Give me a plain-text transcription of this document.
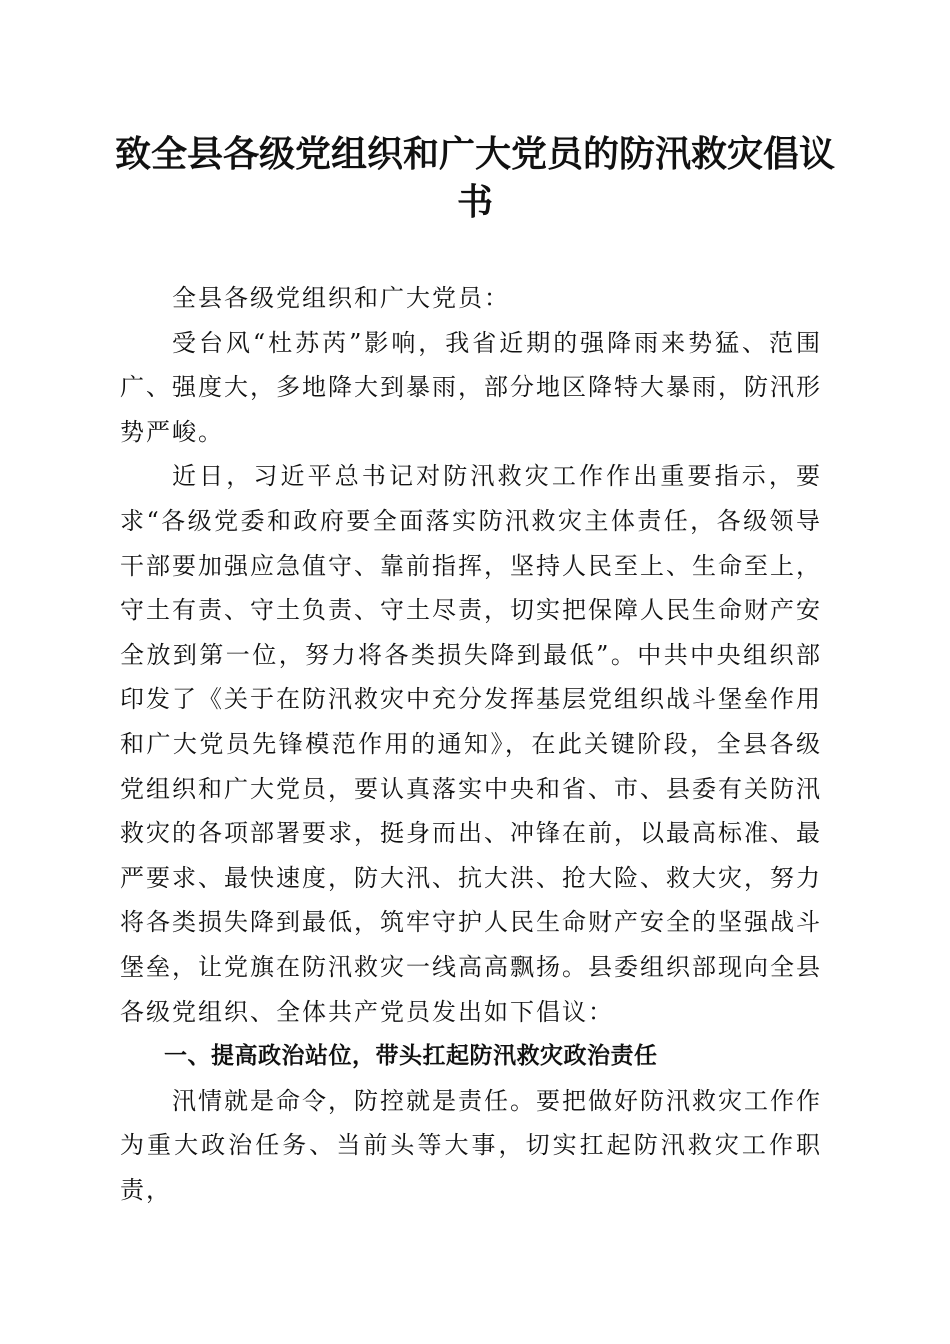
致全县各级党组织和广大党员的防汛救灾倡议书

全县各级党组织和广大党员：

受台风“杜苏芮”影响，我省近期的强降雨来势猛、范围广、强度大，多地降大到暴雨，部分地区降特大暴雨，防汛形势严峻。

近日，习近平总书记对防汛救灾工作作出重要指示，要求“各级党委和政府要全面落实防汛救灾主体责任，各级领导干部要加强应急值守、靠前指挥，坚持人民至上、生命至上，守土有责、守土负责、守土尽责，切实把保障人民生命财产安全放到第一位，努力将各类损失降到最低”。中共中央组织部印发了《关于在防汛救灾中充分发挥基层党组织战斗堡垒作用和广大党员先锋模范作用的通知》，在此关键阶段，全县各级党组织和广大党员，要认真落实中央和省、市、县委有关防汛救灾的各项部署要求，挺身而出、冲锋在前，以最高标准、最严要求、最快速度，防大汛、抗大洪、抢大险、救大灾，努力将各类损失降到最低，筑牢守护人民生命财产安全的坚强战斗堡垒，让党旗在防汛救灾一线高高飘扬。县委组织部现向全县各级党组织、全体共产党员发出如下倡议：

一、提高政治站位，带头扛起防汛救灾政治责任

汛情就是命令，防控就是责任。要把做好防汛救灾工作作为重大政治任务、当前头等大事，切实扛起防汛救灾工作职责，
